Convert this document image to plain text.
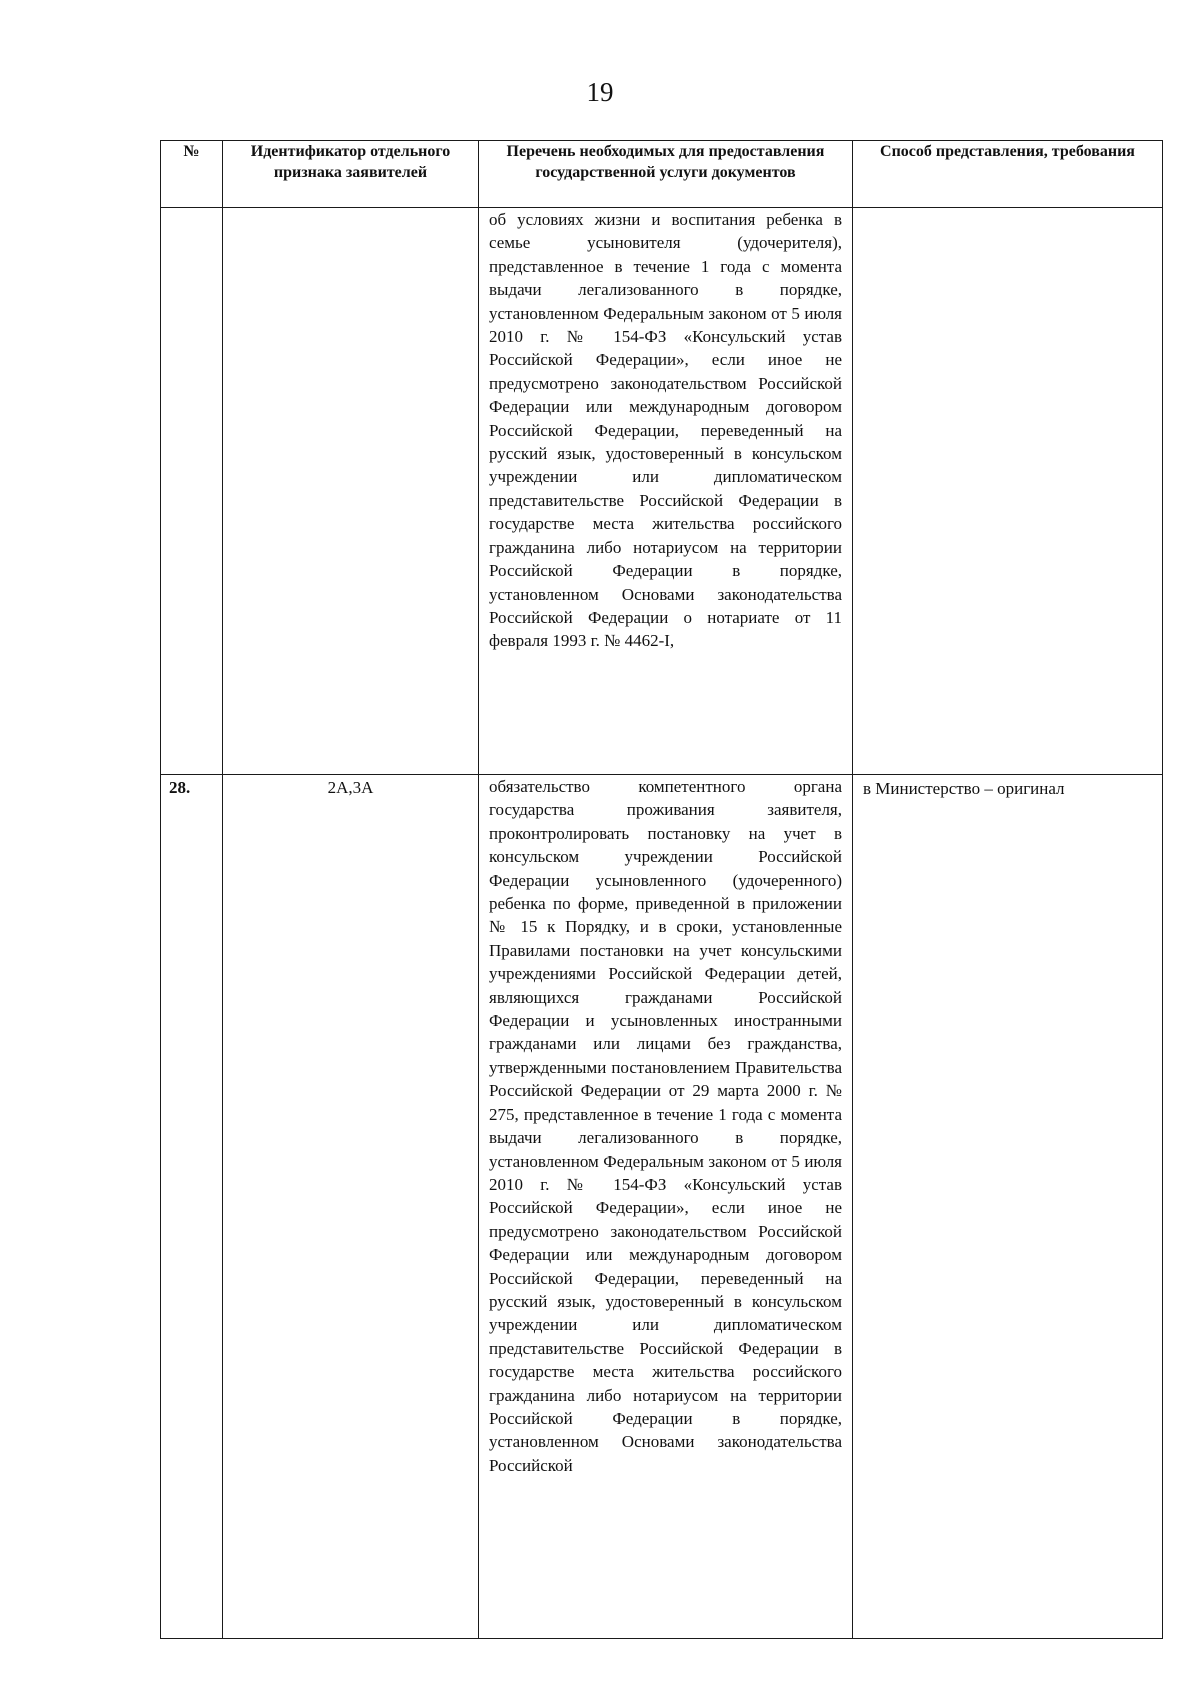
19
№	Идентификатор отдельного признака заявителей	Перечень необходимых для предоставления государственной услуги документов	Способ представления, требования

		об условиях жизни и воспитания ребенка в семье усыновителя (удочерителя), представленное в течение 1 года с момента выдачи легализованного в порядке, установленном Федеральным законом от 5 июля 2010 г. № 154-ФЗ «Консульский устав Российской Федерации», если иное не предусмотрено законодательством Российской Федерации или международным договором Российской Федерации, переведенный на русский язык, удостоверенный в консульском учреждении или дипломатическом представительстве Российской Федерации в государстве места жительства российского гражданина либо нотариусом на территории Российской Федерации в порядке, установленном Основами законодательства Российской Федерации о нотариате от 11 февраля 1993 г. № 4462-I,	

28.	2А,3А	обязательство компетентного органа государства проживания заявителя, проконтролировать постановку на учет в консульском учреждении Российской Федерации усыновленного (удочеренного) ребенка по форме, приведенной в приложении № 15 к Порядку, и в сроки, установленные Правилами постановки на учет консульскими учреждениями Российской Федерации детей, являющихся гражданами Российской Федерации и усыновленных иностранными гражданами или лицами без гражданства, утвержденными постановлением Правительства Российской Федерации от 29 марта 2000 г. № 275, представленное в течение 1 года с момента выдачи легализованного в порядке, установленном Федеральным законом от 5 июля 2010 г. № 154-ФЗ «Консульский устав Российской Федерации», если иное не предусмотрено законодательством Российской Федерации или международным договором Российской Федерации, переведенный на русский язык, удостоверенный в консульском учреждении или дипломатическом представительстве Российской Федерации в государстве места жительства российского гражданина либо нотариусом на территории Российской Федерации в порядке, установленном Основами законодательства Российской	в Министерство – оригинал
